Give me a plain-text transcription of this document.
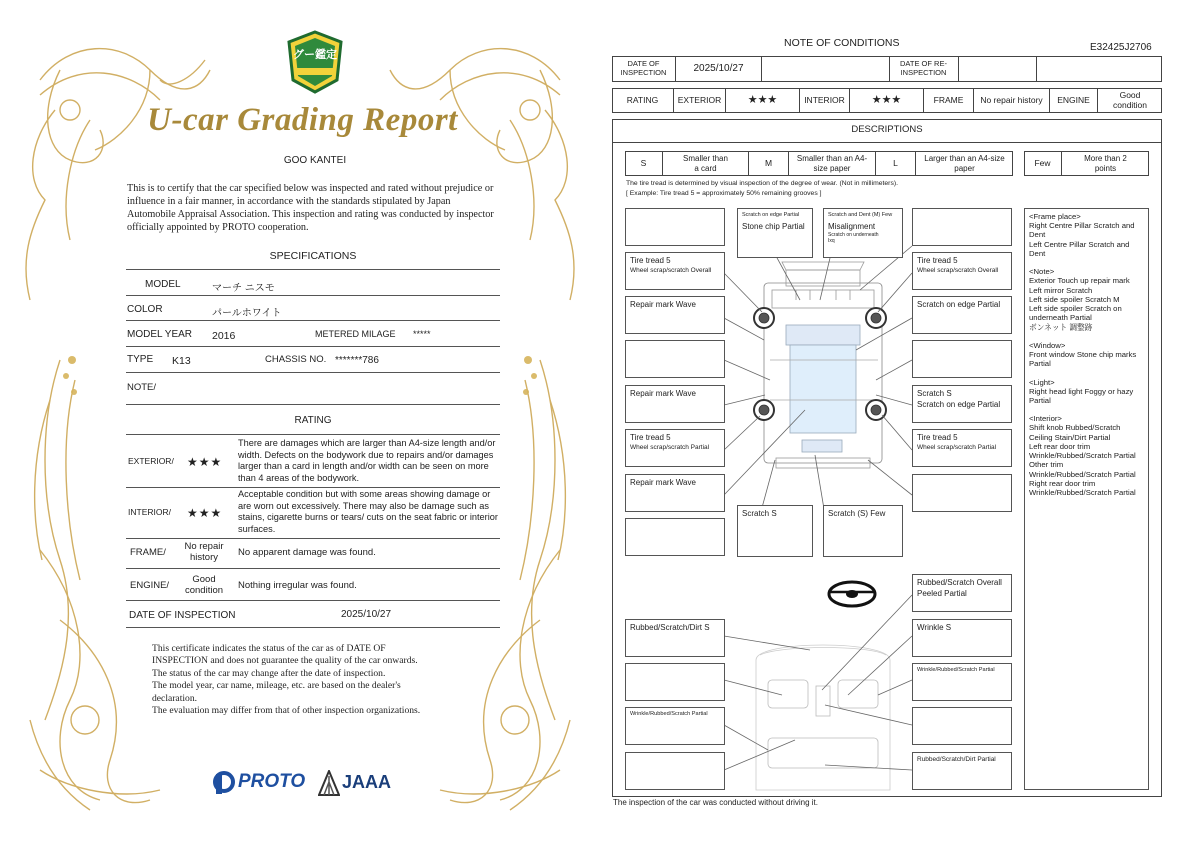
グー鑑定
U-car Grading Report
GOO KANTEI
This is to certify that the car specified below was inspected and rated without prejudice or influence in a fair manner, in accordance with the standards stipulated by Japan Automobile Appraisal Association. This inspection and rating was conducted by inspector officially appointed by PROTO cooperation.
SPECIFICATIONS
MODEL	マーチ ニスモ
COLOR	パールホワイト
MODEL YEAR 2016	METERED MILAGE *****
TYPE K13	CHASSIS NO. *******786
NOTE/
RATING
EXTERIOR/ ★★★
There are damages which are larger than A4-size length and/or width. Defects on the bodywork due to repairs and/or damages larger than a card in length and/or width can be seen on more than 4 areas of the bodywork.
INTERIOR/ ★★★
Acceptable condition but with some areas showing damage or are worn out excessively. There may also be damage such as stains, cigarette burns or tears/ cuts on the seat fabric or interior surfaces.
FRAME/
No repair history	No apparent damage was found.
ENGINE/
Good condition	Nothing irregular was found.
DATE OF INSPECTION	2025/10/27
This certificate indicates the status of the car as of DATE OF
INSPECTION and does not guarantee the quality of the car onwards.
The status of the car may change after the date of inspection.
The model year, car name, mileage, etc. are based on the dealer's
declaration.
The evaluation may differ from that of other inspection organizations.
PROTO JAAA
NOTE OF CONDITIONS	E32425J2706
DATE OF INSPECTION	2025/10/27	DATE OF RE-INSPECTION
RATING	EXTERIOR	★★★	INTERIOR	★★★	FRAME	No repair history	ENGINE	Good condition
DESCRIPTIONS
S	Smaller than a card
M	Smaller than an A4-size paper
L	Larger than an A4-size paper
Few	More than 2 points
The tire tread is determined by visual inspection of the degree of wear. (Not in millimeters).
[ Example: Tire tread 5 = approximately 50% remaining grooves ]
Tire tread 5
Wheel scrap/scratch Overall
Repair mark Wave
Repair mark Wave
Tire tread 5
Wheel scrap/scratch Partial
Repair mark Wave
Scratch on edge Partial
Stone chip Partial
Scratch and Dent (M) Few
Misalignment
Scratch on underneath
Ixq
Tire tread 5
Wheel scrap/scratch Overall
Scratch on edge Partial
Scratch S
Scratch on edge Partial
Tire tread 5
Wheel scrap/scratch Partial
Scratch S	Scratch (S) Few
Rubbed/Scratch Overall
Peeled Partial
Rubbed/Scratch/Dirt S	Wrinkle S
Wrinkle/Rubbed/Scratch Partial
Wrinkle/Rubbed/Scratch Partial
Rubbed/Scratch/Dirt Partial
<Frame place>
Right Centre Pillar Scratch and Dent
Left Centre Pillar Scratch and Dent
<Note>
Exterior Touch up repair mark
Left mirror Scratch
Left side spoiler Scratch M
Left side spoiler Scratch on underneath Partial
ボンネット 調整跡
<Window>
Front window Stone chip marks Partial
<Light>
Right head light Foggy or hazy Partial
<Interior>
Shift knob Rubbed/Scratch
Ceiling Stain/Dirt Partial
Left rear door trim Wrinkle/Rubbed/Scratch Partial
Other trim Wrinkle/Rubbed/Scratch Partial
Right rear door trim Wrinkle/Rubbed/Scratch Partial
The inspection of the car was conducted without driving it.
